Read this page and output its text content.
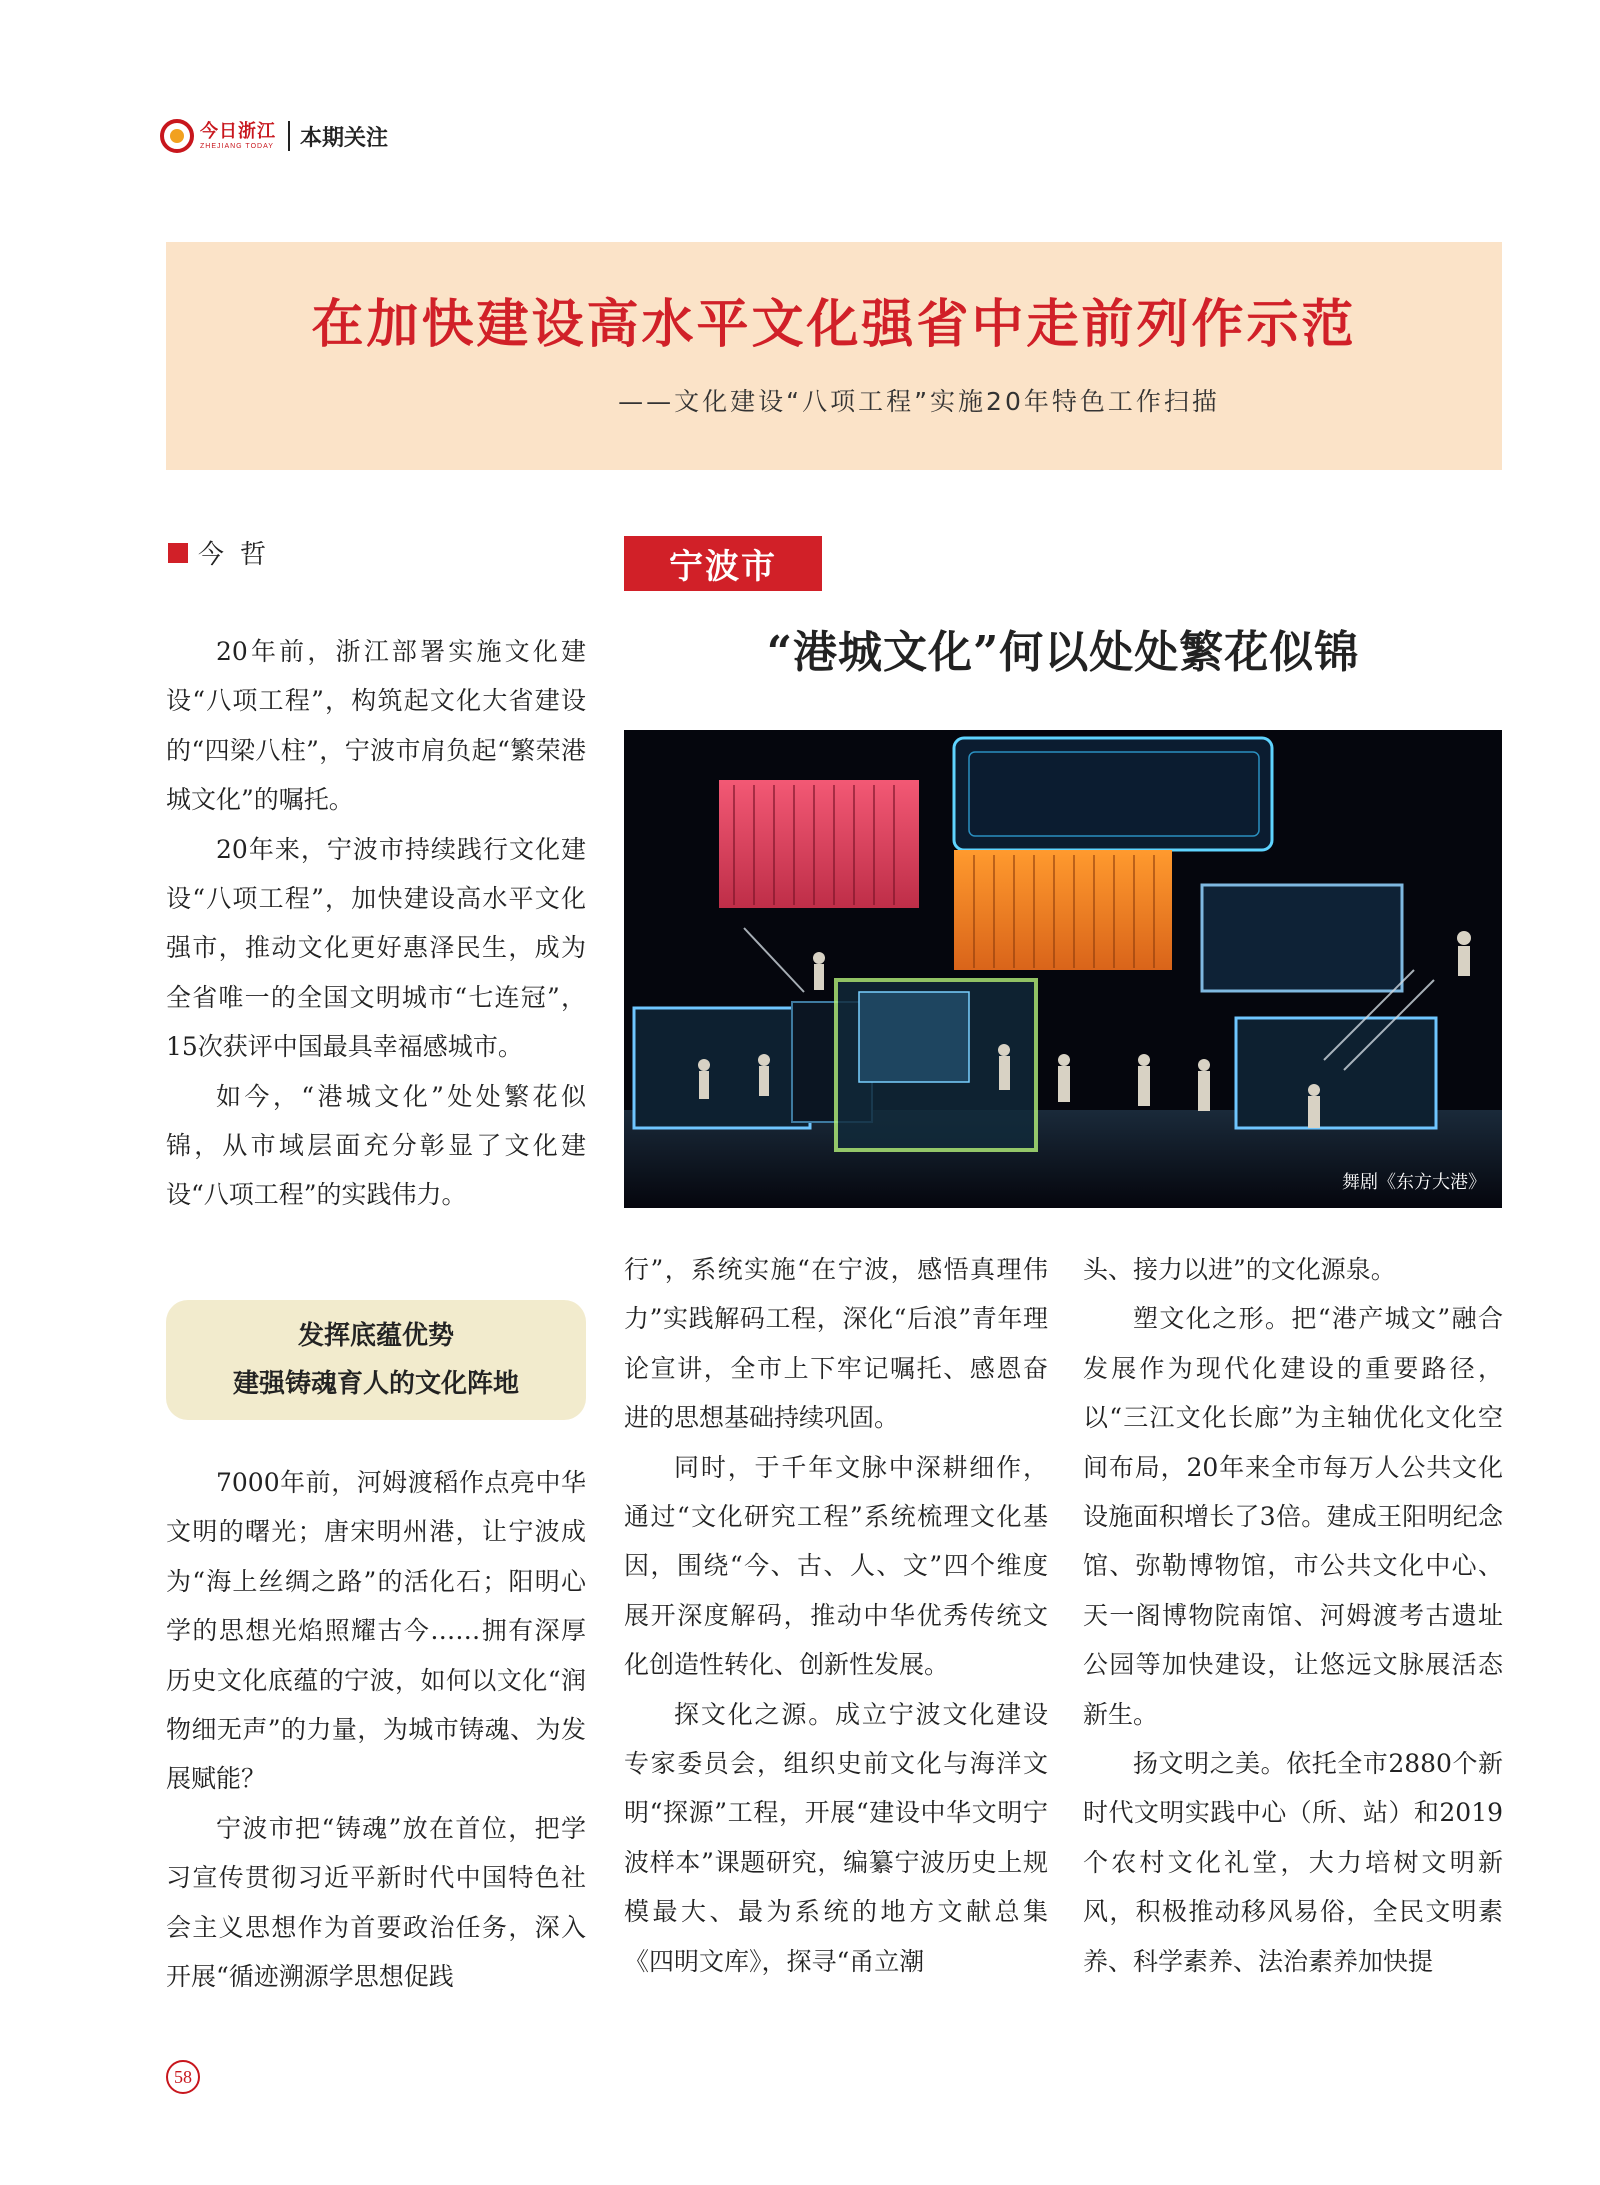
今日浙江
ZHEJIANG TODAY 本期关注
在加快建设高水平文化强省中走前列作示范
——文化建设“八项工程”实施20年特色工作扫描
今哲	宁波市
“港城文化”何以处处繁花似锦

20年前，浙江部署实施文化建设“八项工程”，构筑起文化大省建设的“四梁八柱”，宁波市肩负起“繁荣港城文化”的嘱托。

20年来，宁波市持续践行文化建设“八项工程”，加快建设高水平文化强市，推动文化更好惠泽民生，成为全省唯一的全国文明城市“七连冠”，15次获评中国最具幸福感城市。

如今，“港城文化”处处繁花似锦，从市域层面充分彰显了文化建设“八项工程”的实践伟力。

发挥底蕴优势
建强铸魂育人的文化阵地

7000年前，河姆渡稻作点亮中华文明的曙光；唐宋明州港，让宁波成为“海上丝绸之路”的活化石；阳明心学的思想光焰照耀古今……拥有深厚历史文化底蕴的宁波，如何以文化“润物细无声”的力量，为城市铸魂、为发展赋能？

宁波市把“铸魂”放在首位，把学习宣传贯彻习近平新时代中国特色社会主义思想作为首要政治任务，深入开展“循迹溯源学思想促践

舞剧《东方大港》

行”，系统实施“在宁波，感悟真理伟力”实践解码工程，深化“后浪”青年理论宣讲，全市上下牢记嘱托、感恩奋进的思想基础持续巩固。

同时，于千年文脉中深耕细作，通过“文化研究工程”系统梳理文化基因，围绕“今、古、人、文”四个维度展开深度解码，推动中华优秀传统文化创造性转化、创新性发展。

探文化之源。成立宁波文化建设专家委员会，组织史前文化与海洋文明“探源”工程，开展“建设中华文明宁波样本”课题研究，编纂宁波历史上规模最大、最为系统的地方文献总集《四明文库》，探寻“甬立潮

头、接力以进”的文化源泉。

塑文化之形。把“港产城文”融合发展作为现代化建设的重要路径，以“三江文化长廊”为主轴优化文化空间布局，20年来全市每万人公共文化设施面积增长了3倍。建成王阳明纪念馆、弥勒博物馆，市公共文化中心、天一阁博物院南馆、河姆渡考古遗址公园等加快建设，让悠远文脉展活态新生。

扬文明之美。依托全市2880个新时代文明实践中心（所、站）和2019个农村文化礼堂，大力培树文明新风，积极推动移风易俗，全民文明素养、科学素养、法治素养加快提

58
